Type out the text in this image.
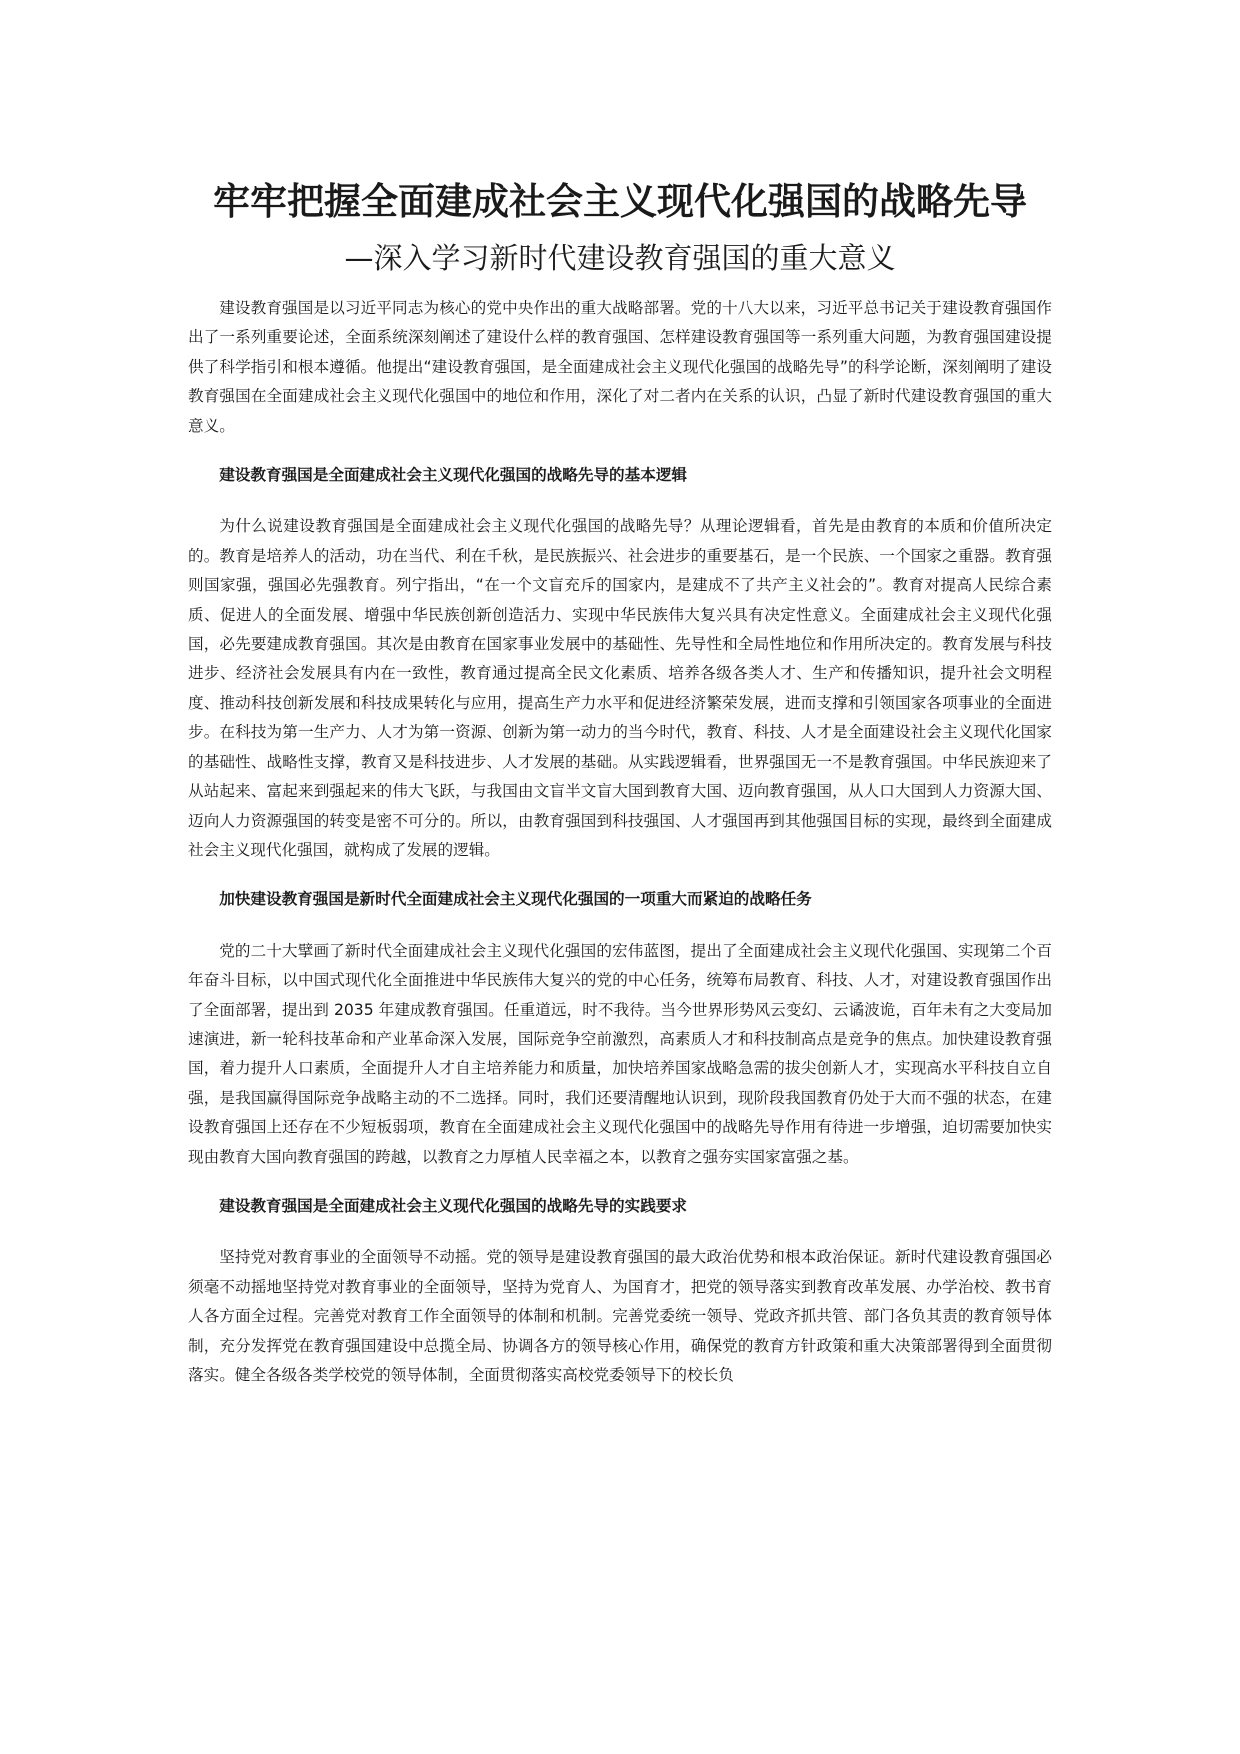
牢牢把握全面建成社会主义现代化强国的战略先导
—深入学习新时代建设教育强国的重大意义

建设教育强国是以习近平同志为核心的党中央作出的重大战略部署。党的十八大以来，习近平总书记关于建设教育强国作出了一系列重要论述，全面系统深刻阐述了建设什么样的教育强国、怎样建设教育强国等一系列重大问题，为教育强国建设提供了科学指引和根本遵循。他提出“建设教育强国，是全面建成社会主义现代化强国的战略先导”的科学论断，深刻阐明了建设教育强国在全面建成社会主义现代化强国中的地位和作用，深化了对二者内在关系的认识，凸显了新时代建设教育强国的重大意义。

建设教育强国是全面建成社会主义现代化强国的战略先导的基本逻辑

为什么说建设教育强国是全面建成社会主义现代化强国的战略先导？从理论逻辑看，首先是由教育的本质和价值所决定的。教育是培养人的活动，功在当代、利在千秋，是民族振兴、社会进步的重要基石，是一个民族、一个国家之重器。教育强则国家强，强国必先强教育。列宁指出，“在一个文盲充斥的国家内，是建成不了共产主义社会的”。教育对提高人民综合素质、促进人的全面发展、增强中华民族创新创造活力、实现中华民族伟大复兴具有决定性意义。全面建成社会主义现代化强国，必先要建成教育强国。其次是由教育在国家事业发展中的基础性、先导性和全局性地位和作用所决定的。教育发展与科技进步、经济社会发展具有内在一致性，教育通过提高全民文化素质、培养各级各类人才、生产和传播知识，提升社会文明程度、推动科技创新发展和科技成果转化与应用，提高生产力水平和促进经济繁荣发展，进而支撑和引领国家各项事业的全面进步。在科技为第一生产力、人才为第一资源、创新为第一动力的当今时代，教育、科技、人才是全面建设社会主义现代化国家的基础性、战略性支撑，教育又是科技进步、人才发展的基础。从实践逻辑看，世界强国无一不是教育强国。中华民族迎来了从站起来、富起来到强起来的伟大飞跃，与我国由文盲半文盲大国到教育大国、迈向教育强国，从人口大国到人力资源大国、迈向人力资源强国的转变是密不可分的。所以，由教育强国到科技强国、人才强国再到其他强国目标的实现，最终到全面建成社会主义现代化强国，就构成了发展的逻辑。

加快建设教育强国是新时代全面建成社会主义现代化强国的一项重大而紧迫的战略任务

党的二十大擘画了新时代全面建成社会主义现代化强国的宏伟蓝图，提出了全面建成社会主义现代化强国、实现第二个百年奋斗目标，以中国式现代化全面推进中华民族伟大复兴的党的中心任务，统筹布局教育、科技、人才，对建设教育强国作出了全面部署，提出到 2035 年建成教育强国。任重道远，时不我待。当今世界形势风云变幻、云谲波诡，百年未有之大变局加速演进，新一轮科技革命和产业革命深入发展，国际竞争空前激烈，高素质人才和科技制高点是竞争的焦点。加快建设教育强国，着力提升人口素质，全面提升人才自主培养能力和质量，加快培养国家战略急需的拔尖创新人才，实现高水平科技自立自强，是我国赢得国际竞争战略主动的不二选择。同时，我们还要清醒地认识到，现阶段我国教育仍处于大而不强的状态，在建设教育强国上还存在不少短板弱项，教育在全面建成社会主义现代化强国中的战略先导作用有待进一步增强，迫切需要加快实现由教育大国向教育强国的跨越，以教育之力厚植人民幸福之本，以教育之强夯实国家富强之基。

建设教育强国是全面建成社会主义现代化强国的战略先导的实践要求

坚持党对教育事业的全面领导不动摇。党的领导是建设教育强国的最大政治优势和根本政治保证。新时代建设教育强国必须毫不动摇地坚持党对教育事业的全面领导，坚持为党育人、为国育才，把党的领导落实到教育改革发展、办学治校、教书育人各方面全过程。完善党对教育工作全面领导的体制和机制。完善党委统一领导、党政齐抓共管、部门各负其责的教育领导体制，充分发挥党在教育强国建设中总揽全局、协调各方的领导核心作用，确保党的教育方针政策和重大决策部署得到全面贯彻落实。健全各级各类学校党的领导体制，全面贯彻落实高校党委领导下的校长负
